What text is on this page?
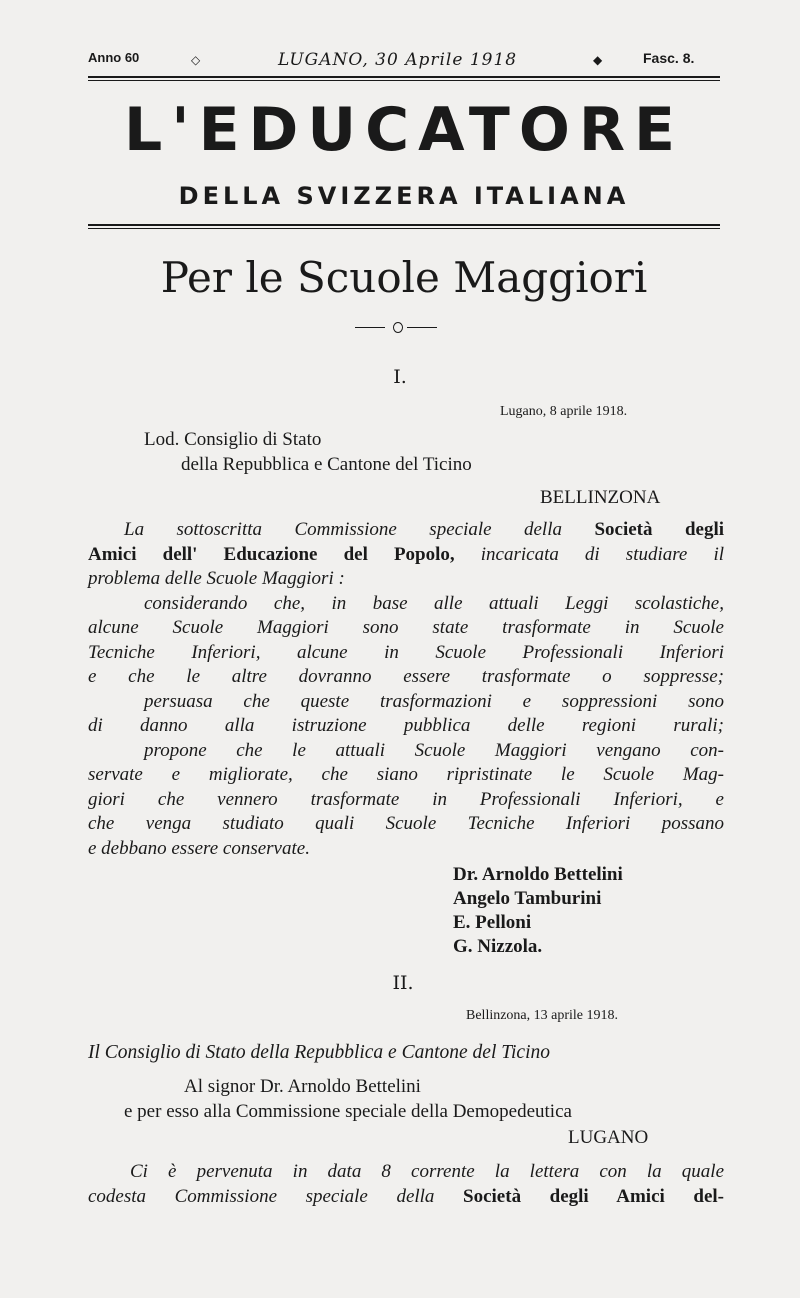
Anno 60	◇	LUGANO, 30 Aprile 1918	◆	Fasc. 8.
L'EDUCATORE
DELLA SVIZZERA ITALIANA
Per le Scuole Maggiori
I.
Lugano, 8 aprile 1918.
Lod. Consiglio di Stato
della Repubblica e Cantone del Ticino
BELLINZONA
La sottoscritta Commissione speciale della Società degli
Amici dell' Educazione del Popolo, incaricata di studiare il
problema delle Scuole Maggiori :
considerando che, in base alle attuali Leggi scolastiche,
alcune Scuole Maggiori sono state trasformate in Scuole
Tecniche Inferiori, alcune in Scuole Professionali Inferiori
e che le altre dovranno essere trasformate o soppresse;
persuasa che queste trasformazioni e soppressioni sono
di danno alla istruzione pubblica delle regioni rurali;
propone che le attuali Scuole Maggiori vengano con-
servate e migliorate, che siano ripristinate le Scuole Mag-
giori che vennero trasformate in Professionali Inferiori, e
che venga studiato quali Scuole Tecniche Inferiori possano
e debbano essere conservate.
Dr. Arnoldo Bettelini
Angelo Tamburini
E. Pelloni
G. Nizzola.
II.
Bellinzona, 13 aprile 1918.
Il Consiglio di Stato della Repubblica e Cantone del Ticino
Al signor Dr. Arnoldo Bettelini
e per esso alla Commissione speciale della Demopedeutica
LUGANO
Ci è pervenuta in data 8 corrente la lettera con la quale
codesta Commissione speciale della Società degli Amici del-
